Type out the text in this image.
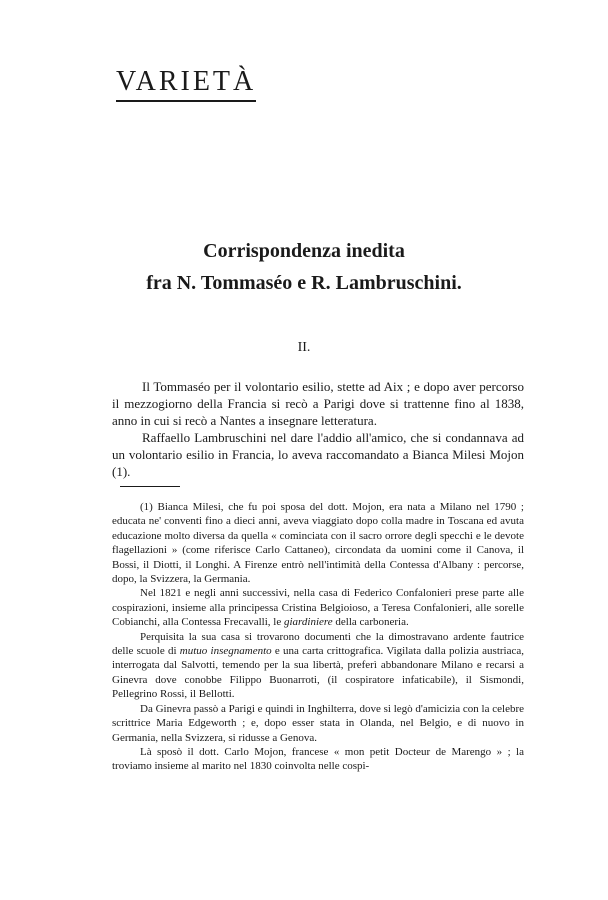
VARIETÀ
Corrispondenza inedita
fra N. Tommaséo e R. Lambruschini.
II.

Il Tommaséo per il volontario esilio, stette ad Aix ; e dopo aver percorso il mezzogiorno della Francia si recò a Parigi dove si trattenne fino al 1838, anno in cui si recò a Nantes a insegnare letteratura.

Raffaello Lambruschini nel dare l'addio all'amico, che si condannava ad un volontario esilio in Francia, lo aveva raccomandato a Bianca Milesi Mojon (1).

(1) Bianca Milesi, che fu poi sposa del dott. Mojon, era nata a Milano nel 1790 ; educata ne' conventi fino a dieci anni, aveva viaggiato dopo colla madre in Toscana ed avuta educazione molto diversa da quella « cominciata con il sacro orrore degli specchi e le devote flagellazioni » (come riferisce Carlo Cattaneo), circondata da uomini come il Canova, il Bossi, il Diotti, il Longhi. A Firenze entrò nell'intimità della Contessa d'Albany : percorse, dopo, la Svizzera, la Germania.

Nel 1821 e negli anni successivi, nella casa di Federico Confalonieri prese parte alle cospirazioni, insieme alla principessa Cristina Belgioioso, a Teresa Confalonieri, alle sorelle Cobianchi, alla Contessa Frecavalli, le giardiniere della carboneria.

Perquisita la sua casa si trovarono documenti che la dimostravano ardente fautrice delle scuole di mutuo insegnamento e una carta crittografica. Vigilata dalla polizia austriaca, interrogata dal Salvotti, temendo per la sua libertà, preferì abbandonare Milano e recarsi a Ginevra dove conobbe Filippo Buonarroti, (il cospiratore infaticabile), il Sismondi, Pellegrino Rossi, il Bellotti.

Da Ginevra passò a Parigi e quindi in Inghilterra, dove si legò d'amicizia con la celebre scrittrice Maria Edgeworth ; e, dopo esser stata in Olanda, nel Belgio, e di nuovo in Germania, nella Svizzera, si ridusse a Genova.

Là sposò il dott. Carlo Mojon, francese « mon petit Docteur de Marengo » ; la troviamo insieme al marito nel 1830 coinvolta nelle cospi-
